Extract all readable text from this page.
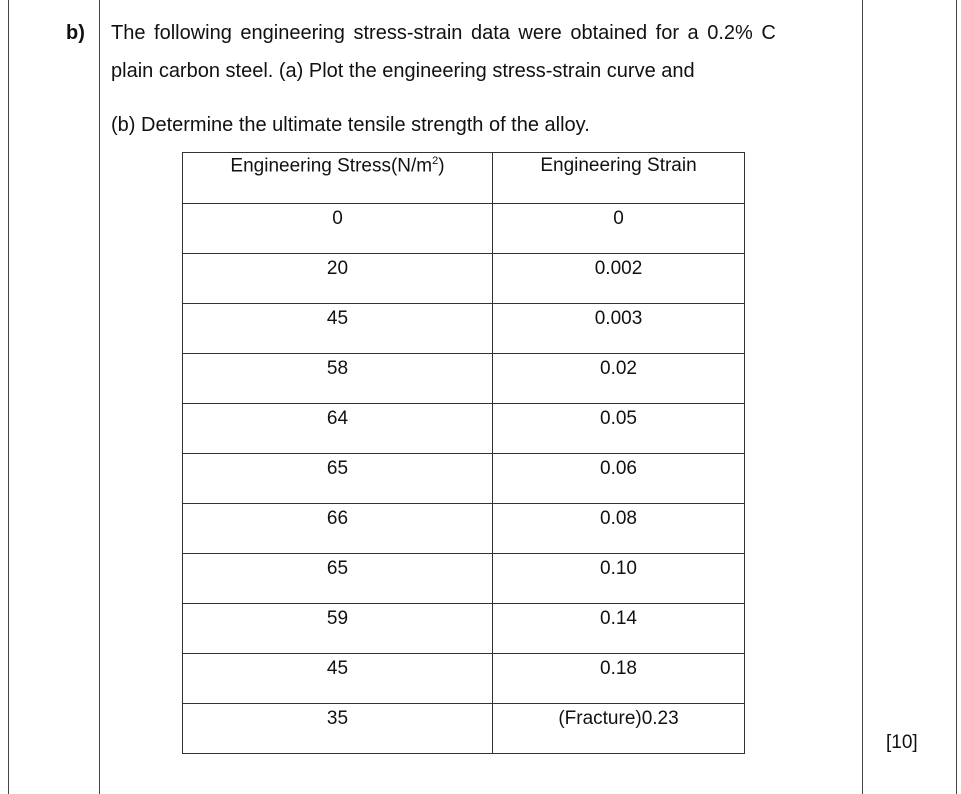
b) The following engineering stress-strain data were obtained for a 0.2% C
plain carbon steel. (a) Plot the engineering stress-strain curve and
(b) Determine the ultimate tensile strength of the alloy.
Engineering $Stress(N/m^2)$	Engineering Strain
0	0
20	0.002
45	0.003
58	0.02
64	0.05
65	0.06
66	0.08
65	0.10
59	0.14
45	0.18
35	(Fracture)0.23
[10]
